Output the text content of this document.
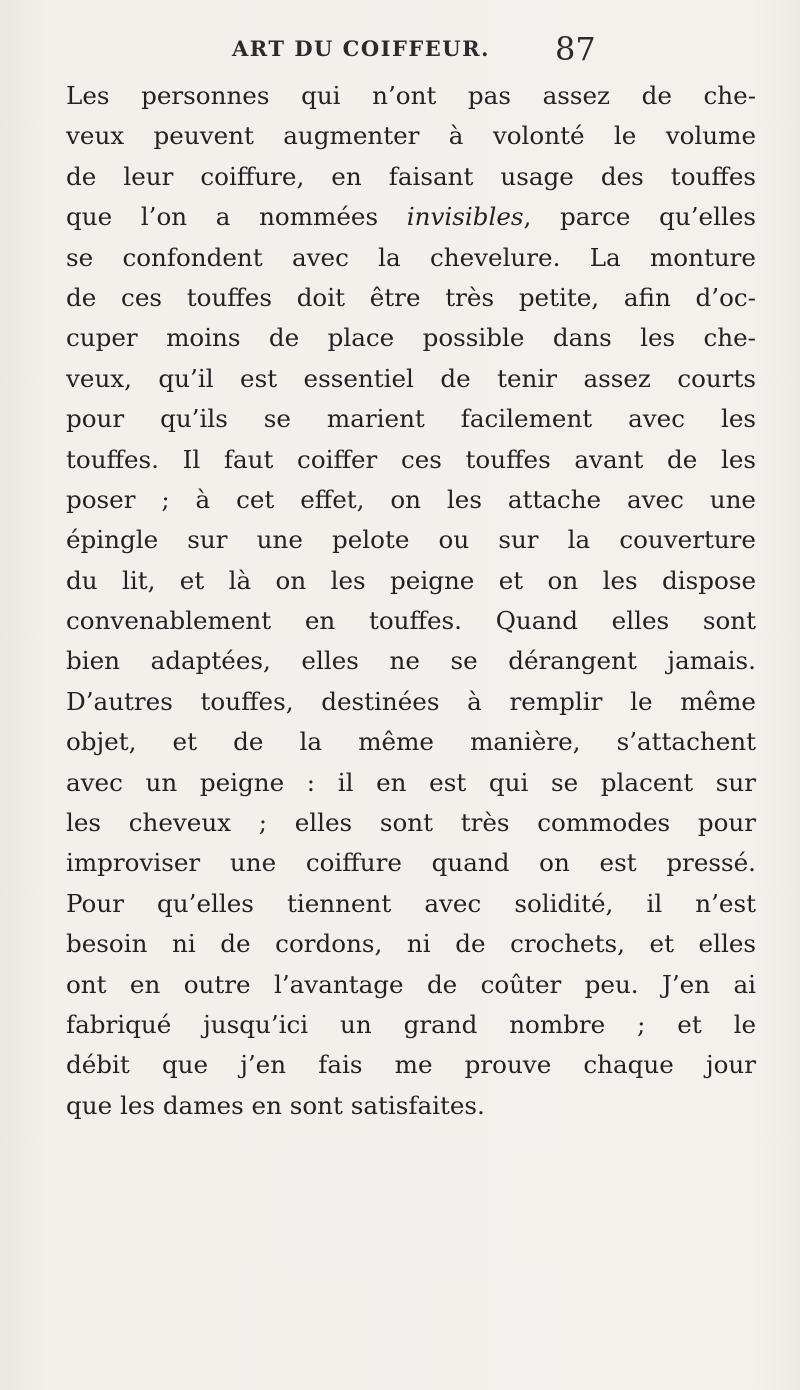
ART DU COIFFEUR. 87
Les personnes qui n’ont pas assez de che-
veux peuvent augmenter à volonté le volume
de leur coiffure, en faisant usage des touffes
que l’on a nommées invisibles, parce qu’elles
se confondent avec la chevelure. La monture
de ces touffes doit être très petite, afin d’oc-
cuper moins de place possible dans les che-
veux, qu’il est essentiel de tenir assez courts
pour qu’ils se marient facilement avec les
touffes. Il faut coiffer ces touffes avant de les
poser ; à cet effet, on les attache avec une
épingle sur une pelote ou sur la couverture
du lit, et là on les peigne et on les dispose
convenablement en touffes. Quand elles sont
bien adaptées, elles ne se dérangent jamais.
D’autres touffes, destinées à remplir le même
objet, et de la même manière, s’attachent
avec un peigne : il en est qui se placent sur
les cheveux ; elles sont très commodes pour
improviser une coiffure quand on est pressé.
Pour qu’elles tiennent avec solidité, il n’est
besoin ni de cordons, ni de crochets, et elles
ont en outre l’avantage de coûter peu. J’en ai
fabriqué jusqu’ici un grand nombre ; et le
débit que j’en fais me prouve chaque jour
que les dames en sont satisfaites.
